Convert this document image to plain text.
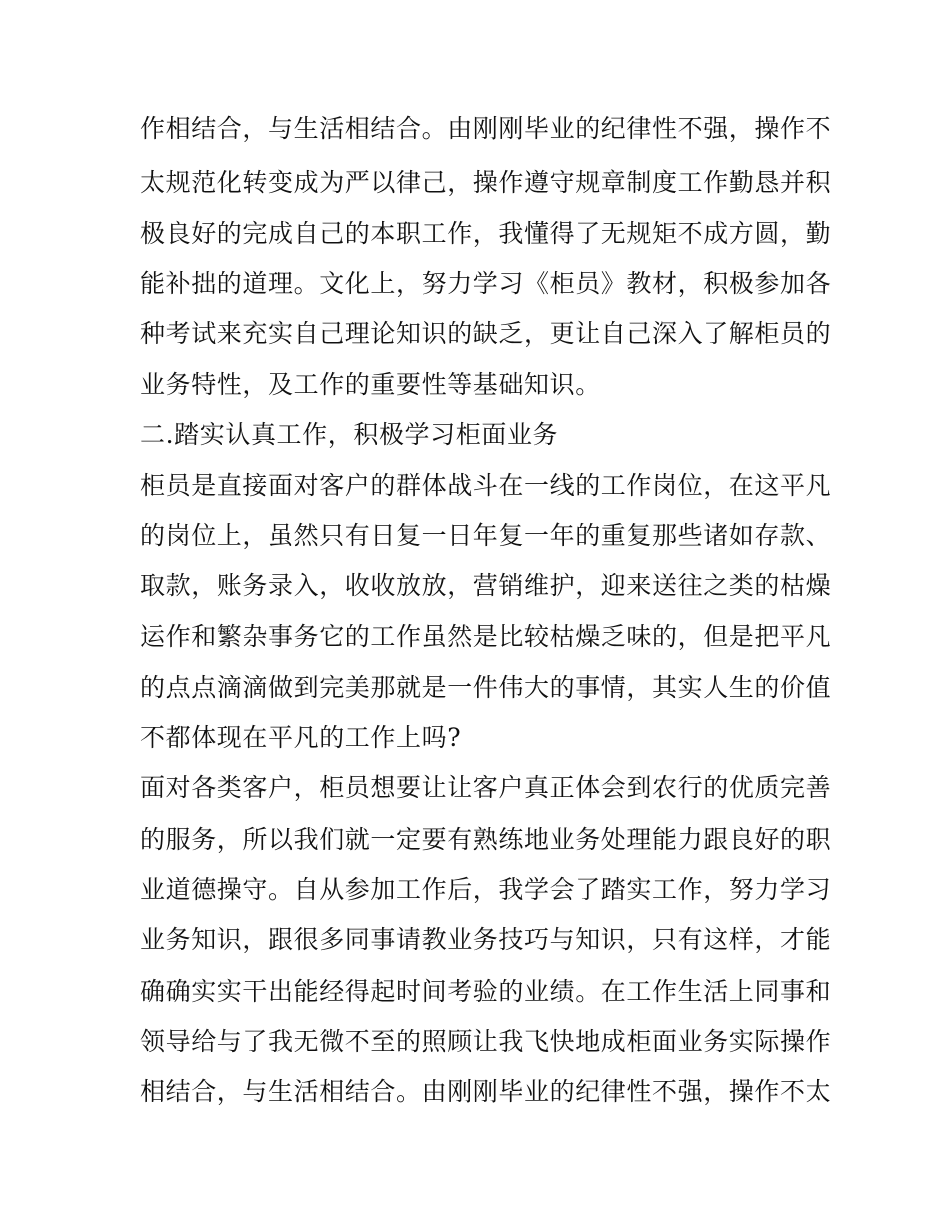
作相结合，与生活相结合。由刚刚毕业的纪律性不强，操作不
太规范化转变成为严以律己，操作遵守规章制度工作勤恳并积
极良好的完成自己的本职工作，我懂得了无规矩不成方圆，勤
能补拙的道理。文化上，努力学习《柜员》教材，积极参加各
种考试来充实自己理论知识的缺乏，更让自己深入了解柜员的
业务特性，及工作的重要性等基础知识。
二.踏实认真工作，积极学习柜面业务
柜员是直接面对客户的群体战斗在一线的工作岗位，在这平凡
的岗位上，虽然只有日复一日年复一年的重复那些诸如存款、
取款，账务录入，收收放放，营销维护，迎来送往之类的枯燥
运作和繁杂事务它的工作虽然是比较枯燥乏味的，但是把平凡
的点点滴滴做到完美那就是一件伟大的事情，其实人生的价值
不都体现在平凡的工作上吗?
面对各类客户，柜员想要让让客户真正体会到农行的优质完善
的服务，所以我们就一定要有熟练地业务处理能力跟良好的职
业道德操守。自从参加工作后，我学会了踏实工作，努力学习
业务知识，跟很多同事请教业务技巧与知识，只有这样，才能
确确实实干出能经得起时间考验的业绩。在工作生活上同事和
领导给与了我无微不至的照顾让我飞快地成柜面业务实际操作
相结合，与生活相结合。由刚刚毕业的纪律性不强，操作不太
